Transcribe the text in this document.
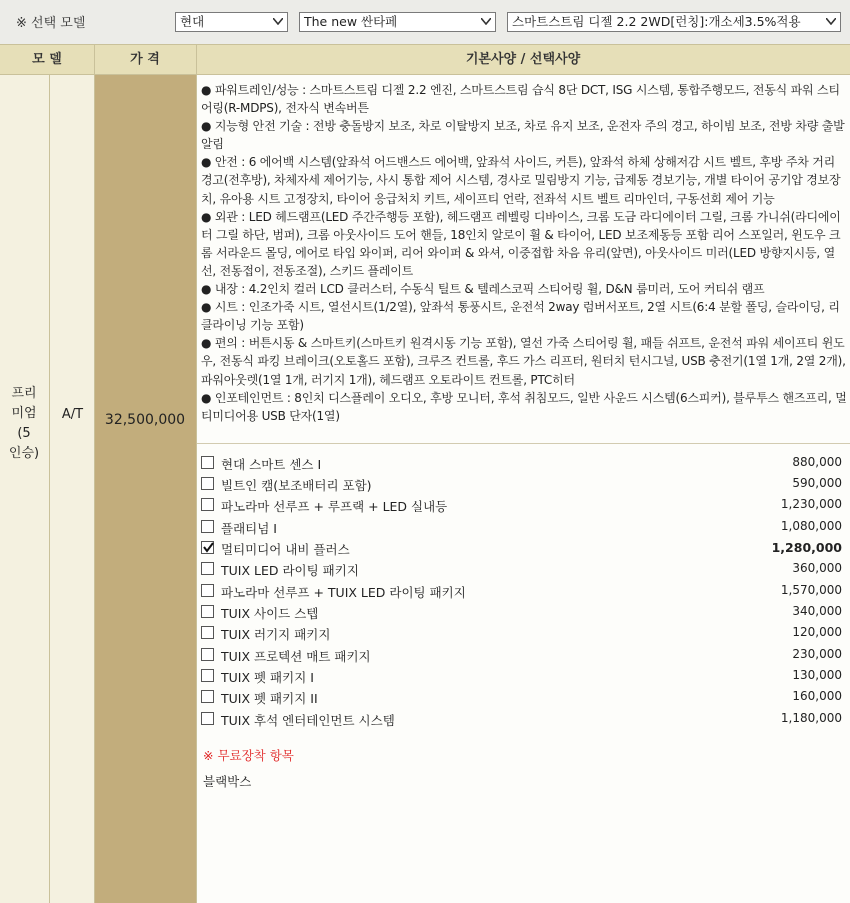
※ 선택 모델	현대	The new 싼타페	스마트스트림 디젤 2.2 2WD[런칭]:개소세3.5%적용
모 델	가 격	기본사양 / 선택사양
프리
미엄(5
인승)
A/T	32,500,000

● 파워트레인/성능 : 스마트스트림 디젤 2.2 엔진, 스마트스트림 습식 8단 DCT, ISG 시스템, 통합주행모드, 전동식 파워 스티어링(R-MDPS), 전자식 변속버튼

● 지능형 안전 기술 : 전방 충돌방지 보조, 차로 이탈방지 보조, 차로 유지 보조, 운전자 주의 경고, 하이빔 보조, 전방 차량 출발 알림

● 안전 : 6 에어백 시스템(앞좌석 어드밴스드 에어백, 앞좌석 사이드, 커튼), 앞좌석 하체 상해저감 시트 벨트, 후방 주차 거리 경고(전후방), 차체자세 제어기능, 사시 통합 제어 시스템, 경사로 밀림방지 기능, 급제동 경보기능, 개별 타이어 공기압 경보장치, 유아용 시트 고정장치, 타이어 응급처치 키트, 세이프티 언락, 전좌석 시트 벨트 리마인더, 구동선회 제어 기능

● 외관 : LED 헤드램프(LED 주간주행등 포함), 헤드램프 레벨링 디바이스, 크롬 도금 라디에이터 그릴, 크롬 가니쉬(라디에이터 그릴 하단, 범퍼), 크롬 아웃사이드 도어 핸들, 18인치 알로이 휠 & 타이어, LED 보조제동등 포함 리어 스포일러, 윈도우 크롬 서라운드 몰딩, 에어로 타입 와이퍼, 리어 와이퍼 & 와셔, 이중접합 차음 유리(앞면), 아웃사이드 미러(LED 방향지시등, 열선, 전동접이, 전동조절), 스키드 플레이트

● 내장 : 4.2인치 컬러 LCD 클러스터, 수동식 틸트 & 텔레스코픽 스티어링 휠, D&N 룸미러, 도어 커티쉬 램프

● 시트 : 인조가죽 시트, 열선시트(1/2열), 앞좌석 통풍시트, 운전석 2way 럼버서포트, 2열 시트(6:4 분할 폴딩, 슬라이딩, 리클라이닝 기능 포함)

● 편의 : 버튼시동 & 스마트키(스마트키 원격시동 기능 포함), 열선 가죽 스티어링 휠, 패들 쉬프트, 운전석 파워 세이프티 윈도우, 전동식 파킹 브레이크(오토홀드 포함), 크루즈 컨트롤, 후드 가스 리프터, 원터치 턴시그널, USB 충전기(1열 1개, 2열 2개), 파워아웃렛(1열 1개, 러기지 1개), 헤드램프 오토라이트 컨트롤, PTC히터

● 인포테인먼트 : 8인치 디스플레이 오디오, 후방 모니터, 후석 취침모드, 일반 사운드 시스템(6스피커), 블루투스 핸즈프리, 멀티미디어용 USB 단자(1열)

현대 스마트 센스 I	880,000
빌트인 캠(보조배터리 포함)	590,000
파노라마 선루프 + 루프랙 + LED 실내등	1,230,000
플래티넘 I	1,080,000
멀티미디어 내비 플러스	1,280,000
TUIX LED 라이팅 패키지	360,000
파노라마 선루프 + TUIX LED 라이팅 패키지	1,570,000
TUIX 사이드 스텝	340,000
TUIX 러기지 패키지	120,000
TUIX 프로텍션 매트 패키지	230,000
TUIX 펫 패키지 I	130,000
TUIX 펫 패키지 II	160,000
TUIX 후석 엔터테인먼트 시스템	1,180,000
※ 무료장착 항목
블랙박스
